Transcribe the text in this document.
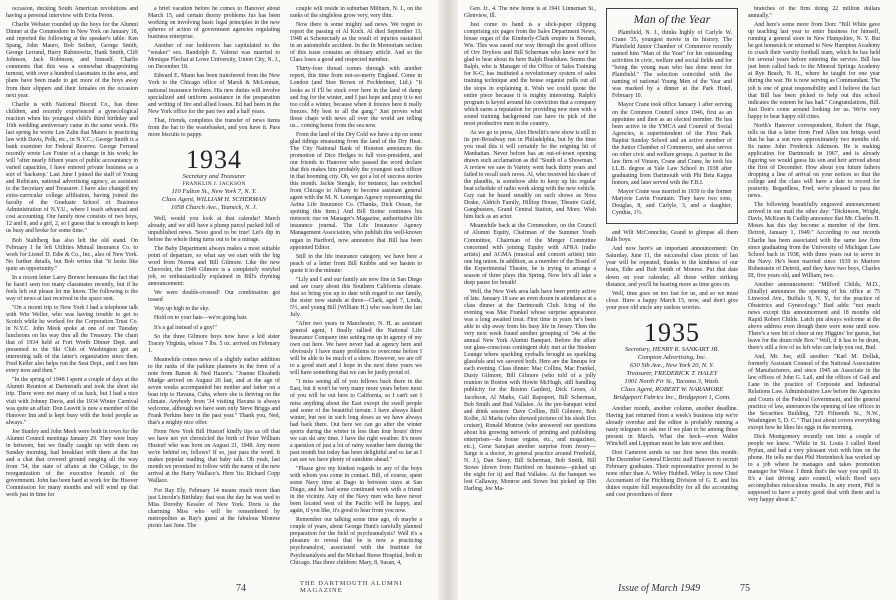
occasion, ducking South American revolutions and having a personal interview with Evita Peron.

Charlie Webster rounded up the boys for the Alumni Dinner at the Commodore in New York on January 18, and reported the following at the speaker's table: Ken Spang, John Mauro, Bob Seibert, George Smith, George Lerrand, Harry Rubinowitz, Hank Smith, Cliff Johnson, Jack Robinson, and himself. Charlie comments that this was a somewhat disappointing turnout, with over a hundred classmates in the area, and plans have been made to get more of the boys away from their slippers and their females on the occasion next year.

Charlie is with National Biscuit Co., has three children, and recently experienced a gynecological reaction when his youngest child's third birthday and 16th wedding anniversary came in the same week. His last spring he wrote Len Zahn that Mauro is practicing law with Davis, Polk, etc., in N.Y.C.; George Smith is a bank examiner for Federal Reserve. George Ferrand recently wrote Lee Foster of a change in his work; he will "after nearly fifteen years of public accountancy in varied capacities, I have entered private business as a sort of 'backstop.' Last June I joined the staff of Young and Rubicam, national advertising agency, as assistant to the Secretary and Treasurer. I have also changed my extra-curricular college affiliation, having joined the faculty of the Graduate School of Business Administration of N.Y.U., where I teach advanced and cost accounting. Our family now consists of two boys, 12 and 8, and a girl, 2, so I guess that is enough to keep us busy and broke for some time."

Bob Stahlberg has also left the old stand. On February 1 he left Utilities Mutual Insurance Co. to work for Lionel D. Edie & Co., Inc., also of New York. No further details, but Bob writes that "it looks like quite an opportunity."

In a recent letter Larry Brewer bemoans the fact that he hasn't seen too many classmates recently, but if he feels left out please let me know. The following is the way of news at last received in the space sent.

"On a recent trip to New York I had a telephone talk with Win Weller, who was having trouble to get to Scotch while he worked for the Corporation Trust Co. in N.Y.C. John Meek spoke at one of our Tuesday luncheons on his way thru all the Treasury. The chain that of 1934 held at Fort Worth Dinner Dept. and presented to the Ski Club of Washington got an interesting talk of the latter's organization since then. Fred Keller also helps run the Seat Dept., and I see him every now and then."

"In the spring of 1948 I spent a couple of days at the Alumni Reunion at Dartmouth and took the short ski trip. There were not many of us back, but I had a nice visit with Johnny Davis, and the 1934 Winter Carnival was quite an affair. Don Leavitt is now a member of the Hanover Inn and is kept busy with the hotel people as always."

Joe Stanley and John Meek were both in town for the Alumni Council meetings January 29. They were busy in between, but we finally caught up with them on Sunday morning, had breakfast with them at the Inn and a chat that covered ground ranging all the way from '34, the state of affairs at the College, to the reorganization of the executive branch of the government. John has been hard at work for the Hoover Commission for many months and will wind up that work just in time for

a brief vacation before he comes to Hanover about March 15, and certain thorny problems Jus has been working on involving basic legal principles in the new spheres of action of government agencies regulating business enterprise.

Another of our holdovers has capitulated to the "weaker" sex. Randolph E. Valensi was married to Monique Flechat at Lowe University, Union City, N. J., on December 18.

Edward E. Mann has been transferred from the New York to the Chicago office of Marsh & McLennan, national insurance brokers. His new duties will involve specialized and uniform assistance in the preparation and writing of fire and allied losses. Ed had been in the New York office for the past two and a half years.

That, friends, completes the transfer of news items from the hat to the wastebasket, and you have it. Pass more biscuits to pappy.

1934
Secretary and Treasurer
FRANKLIN J. JACKSON
110 Fulton St., New York 7, N. Y.
Class Agent, WILLIAM H. SCHERMAN
1058 Church Ave., Teaneck, N. J.

Well, would you look at that calendar! March already, and we still have a plump parcel packed full of unpublished news. 'Sooo good to be true! Let's dip in before the whole thing turns out to be a mirage.

The Baby Department always makes a most suitable point of departure, so what say we start with the big word from Norma and Bill Gilmore. Like the new Chevrolet, the 1949 Gilmore is a completely restyled job, so enthusiastically explained in Bill's rhyming announcement:

We were double-crossed! Our combination got tossed

Way up high in the sky.

Hold on to your hats—we're going bats

It's a gal instead of a guy!"

So the three Gilmore boys now have a kid sister Tracey Virginia, whose 7 lbs. 5 oz. arrived on February 1.

Meanwhile comes news of a slightly earlier addition to the ranks of the pablum planners in the form of a note from Banon & Ned Hazen's. "Joanne Elizabeth Mudge arrived on August 26 last, and at the age of seven weeks accompanied her mother and father on a boat trip to Havana, Cuba, where she is thriving on the climate. Anybody from '34 visiting Havana is always welcome, although we have seen only Steve Briggs and Frank Perkins here in the past year." Thank you, Ned, that's a mighty nice offer.

From New York Bill Hustorf kindly tips us off that we have not yet chronicled the birth of Peter William Hustorf who was born on August 21, 1948. Any more we're behind on, fellows? If so, just pass the word. It makes popular reading, that baby talk. Oh yeah, last month we promised to follow with the name of the new arrival at the Harry Wallace's. Here 'tis: Richard Copp Wallace.

For Ray Ely, February 14 means much more than just Lincoln's Birthday; that was the day he was wed to Miss Dorothy Kessler of New York. Doris is the charming Miss who will be remembered by metropolites as Ray's guest at the fabulous Monroe picnic last June. The

couple will reside in suburban Milburn, N. J., on the ranks of the singleless grow very, very thin.

Now there is some mighty sad news. We regret to report the passing of Al Koch. Al died September 13, 1948 at Schenectady as the result of injuries sustained in an automobile accident. In the In Memoriam section of this issue contains an obituary article. And so the Class loses a good and respected member.

Thirty-four thread comes through with another report, this time from not-so-merry England. Come in London (and Stoe Brown of Fechheimer, Ltd.): "It looks as if I'll be stuck over here in the land of damp and fog for the winter, and I just hope and pray it is not too cold a winter, because when it freezes here it really freezes. My best to all the gang." Just proves what those chaps with news all over the world are telling us... coming home from the sea now.

From the land of the Dry Cold we have a tip on some glad tidings emanating from the land of the Dry Heat. The City National Bank of Houston announces the promotion of Dice Hedges to full vice-president, and our friends in Hanover who passed the word declare that this makes him probably the youngest such officer in that booming city. Oh, we got a lot of success stories this month. Jackie Stengle, for instance, has switched from Chicago to Albany to become assistant general agent with the M. N. Lonergan Agency representing the Aetna Life Insurance Co. (Thanks, Dick Ocean, for spotting this item.) And Bill Stoine continues his meteoric rise on Manager's Magazine, authoritative life insurance journal. The Life Insurance Agency Management Association, who publish this well-known organ in Hartford, now announce that Bill has been appointed Editor.

Still in the life insurance category, we have here a peach of a letter from Bill Knibbs and we hasten to quote it in the minute:

"Lily and I and our family are now fine in San Diego and are crazy about this Southern California climate. Just so bring you up to date with regard to our family, the sister now stands at three—Clark, aged 7, Linda, 5½, and young Bill (William H.) who was born the last July.

"After two years in Manchester, N. H. as assistant general agent, I finally rallied the National Life Insurance Company into setting me up in agency of my own out here. We have never had at agency here and obviously I have many problems to overcome before I will be able to be much of a show. However, we are off to a good start and I hope in the next three years we will have something that we can be justly proud of.

"I miss seeing all of you fellows back there in the East, but it won't be very many more years before most of you will be out here to California, so I can't see I miss anything about the East except the swell people and some of the beautiful terrain. I have always liked winter, but not in such long doses as we have always had back there. Out here we can go after the winter sports during the winter in less than four hours' drive we can ski any time. I have the right weather. It's more a question of just a lot of rainy weather here during the past month but today has been delightful and so far as I can see we have plenty of sunshine ahead."

"Please give my kindest regards to any of the boys with whom you come in contact. Bill, of course, spent some Navy time at Dago in between stays at San Diego, and he had some continued work with a friend in the vicinity. Any of the Navy men who have never been located west of the Pacific will be happy, and again, if you like, it's good to hear from you now.

Remember our talking some time ago, oh maybe a couple of years, about George Hunt's carefully planned preparation for the field of psychoanalysis? Well it's a pleasure to reveal that he is now a practicing psychoanalyst, associated with the Institute for Psychoanalysis and the Michael Reese Hospital, both in Chicago. Has three children: Mary, 8, Susan, 4,

74	THE DARTMOUTH ALUMNI MAGAZINE

Gen. Jr., 4. The new home is at 1941 Linneman St., Glenview, Ill.

Just come to hand is a slick-paper clipping comprising six pages from the Sales Department News, house organ of the Kimberly-Clark empire in Neenah, Wis. This was eased our way through the good offices of Orv Dryfoos and Bill Scherman who knew we'd be glad to hear about its hero Ralph Bradshaw. Seems that Ralph, who is Manager of the Office of Sales Training for K-C, has instituted a revolutionary system of sales training technique and the house organist pulls out all the stops in explaining it. Wish we could quote the entire piece because it is mighty interesting. Ralph's program is keyed around his conviction that a company which earns a reputation for providing new men with a sound training background can have its pick of the most productive men in the country.

As we go to press, Alex Hewlitt's new show is still in its pre-Broadway run in Philadelphia, but by the time you read this it will certainly be the reigning hit of Manhattan. Never before has an out-of-town opening drawn such acclamation as did "South of a Showman." A review we saw in Variety went back thirty years and failed to recall such raves. Al, who received his share of the plaudits, is somehow able to keep up his regular beat schedule of radio work along with the new vehicle. Guy can be heard steadily on such shows as Nora Drake, Aldrich Family, Hilltop House, Theatre Guild, Gangbusters, Grand Central Station, and More. Wish him luck as an actor.

Meanwhile back at the Commodore, on the Council of Alumni Equity, Chairman of the Summer Youth Committee, Chairman of the Merger Committee concerned with joining Equity with AFRA (radio artists) and AGMA (musical and concert artists) into one big union. In addition, as a member of the Board of the Experimental Theatre, he is trying to arrange a season of three plays this Spring. Now let's all take a deep pause for breath!

Well, the New York area lads have been pretty active of late. January 18 saw an even dozen in attendance at a class dinner at the Dartmouth Club. Icing of the evening was Mac Frankel whose surprise appearance was a long awaited treat. First time in years he's been able to slip away from his busy life in Jersey. Then the very next week found another grouping of '34s at the annual New York Alumni Banquet. Before the affair our glass-conscious contingent duly met at the Steuben Lounge where sparkling eyeballs brought us sparkling glassfuls and we savored both. Here are the lineups for each evening. Class dinner: Mac Collins, Mac Frankel, Dusty Gilmore, Bill Gilmore (who told of a jolly reunion in Boston with Howie McHugh, still handling publicity for the Boston Garden), Dick Green, Al Jacobson, Al Marks, Gail Rapoport, Bill Scherman, Bob Smith and Bud Vallalee. At the pre-banquet wind and drink session: Dave Collins, Bill Gilmore, Bob Kolbe, Al Marks (who showed pictures of his sleek Ilxx cruiser), Ronald Monroe (who answered our questions about his growing network of printing and publishing enterprises—da house organs, etc., and magazines, etc.), Gene Sarajian another surprise from Jersey—Sarge is a doctor, in general practice around Freehold, N. J.), Dan Seesy, Bill Scherman, Bob Smith, Bill Stowe (down from Hartford on business—picked up the eight for it) and Bud Vallalee. At the banquet we lost Callaway, Monroe and Stowe but picked up Din Darling, Joe Ma-

Man of the Year

Plainfield, N. J., thinks highly of Carlyle W. Crane '35, youngest movie in its history. The Plainfield Junior Chamber of Commerce recently named him "Man of the Year" for his outstanding activities in civic, welfare and social fields and for "being the young man who has done most for Plainfield." The selection coincided with the naming of national Young Men of the Year and was marked by a dinner at the Park Hotel, February 10.

Mayor Crane took office January 1 after serving on the Common Council since 1946, first as an appointee and then as an elected member. He has been active in the YMCA and Council of Social Agencies, is superintendent of the First Park Baptist Sunday School and an active member of the Junior Chamber of Commerce, and also serves on other civic and welfare groups. A partner in the law firm of Vinson, Crane and Crane, he took his LL.B. degree at Yale Law School in 1938 after graduating from Dartmouth with Phi Beta Kappa honors, and later served with the F.B.I.

Mayor Crane was married in 1939 to the former Marjorie Lavin Fountain. They have two sons, Douglas, 8, and Carlyle, 3, and a daughter, Cynthia, 1½.

and Wilt McConnchie, Grand to glimpse all them bulls boys.

And now here's an important announcement: On Saturday, June 11, the successful class picnic of last year will be repeated, thanks to the kindness of our hosts, Edie and Bob Smith of Monroe. Put that date down on your calendar, all those within striking distance, and you'll be hearing more as time goes on.

Well, time goes on too fast for us, and so we must close. Have a happy March 15, now, and don't give your poor old uncle any useless worries.

1935
Secretary, HENRY R. SANKART JR.
Compton Advertising, Inc.
630 5th Ave., New York 20, N. Y.
Treasurer, FREDERICK T. HALEY
1001 North Fir St., Tacoma 3, Wash.
Class Agent, ROBERT W. NARAMORE
Bridgeport Fabrics Inc., Bridgeport 1, Conn.

Another month, another column, another deadline. Having just returned from a week's business trip we're already overdue and the editor is probably running a nasty telegram to ask me if we plan to be among those present in March. What the heck—even Walter Winchell and Lippman must be late now and then.

Don Cameron sends us our first news this month: The December General Electric staff Hanover to recruit February graduates. Their representative proved to be none other than A. Wiley Hubbell. Wiley is now Chief Accountant of the Fitchburg Division of G. E. and his duties require full responsibility for all the accounting and cost procedures of three

branches of the firm doing 22 million dollars annually."

And here's some more from Don: "Bill White gave up teaching last year to enter business for himself, running a general store in New Hampshire, N. Y. But he got homesick or returned to New Hampton Academy to coach their varsity football team, which he has held for several years before entering the service. Bill has just been called back to the Mineral Springs Academy at Rye Beach, N. H., where he taught for one year during the war. He is now serving as Commandant. The job is one of great responsibility and I believe the fact that Bill has been picked to help out this school indicates the esteem he has had." Congratulations, Bill. Just Don's come around looking for us. We're very happy to hear happy old cities.

North's Hanover correspondent, Robert the Huge, tells us that a letter from Fred Allen ton brings word that he has a son now approximately two months old. Its name John Frederick Atkinson. He is making application for Dartmouth in 1967, and is already figuring we would guess his son and heir arrived about the first of December. How about you future fathers dropping a line of arrival on your notices so that the college and the class will have a date to record for posterity. Regardless, Fred, we're pleased to pass the news.

The following beautifully engraved announcement arrived in our mail the other day: "Dickinson, Wright, Davis, McKean & Cudlip announce that Mr. Charles H. Moses has this day become a member of the firm. Detroit, January 1, 1949." According to our records Charlie has been associated with the same law firm since graduating from the University of Michigan Law School back in 1938, with three years out to serve in the Navy. He's been married since 1939 to Mariore Rubenstein of Detroit, and they have two boys, Charles III, five years old, and William, two.

Another announcement: "Milford Childs, M.D., (finally) announces the opening of his office at 75 Linwood Ave., Buffalo 9, N. Y., for the practice of Obstetrics and Gynecology." Bud adds: "not much news except this announcement and 18 months old Rapid Robert Childs. Latch pin always welcome at the above address even though there were none until now. There's a wee bit of cheer at my Higgins' for guests, but leave for the drum ride Box." Well, if it has to be drum, there's still a few of us left who can help you out, Bud.

And, Mr. Joe, still another: "Karl M. Dollak, formerly Assistant Counsel of the National Association of Manufacturers, and since 1945 an Associate in the law offices of John G. Lail, and the offices of Gail and Lane in the practice of Corporate and Industrial Relations Law. Administrative Law before the Agencies and Courts of the Federal Government, and the general practice of law, announces the opening of law offices in the Securities Building, 729 Fifteenth St., N.W., Washington 5, D. C." That just about covers everything except how he likes his eggs in the morning.

Dick Montgomery recently ran into a couple of people we knew. "While in St. Louis I called Reed Prytan, and had a very pleasant visit with him on the phone. He tells me that Phil Hortenbeck has worked up to a job where he manages and takes promotion manager for Wiese. I think that's the way you spell it). It's a fast driving auto council, which Reed says accomplishes miraculous results. In any event, Phil is supposed to have a pretty good deal with them and is very happy about it."

Issue of March 1949	75
